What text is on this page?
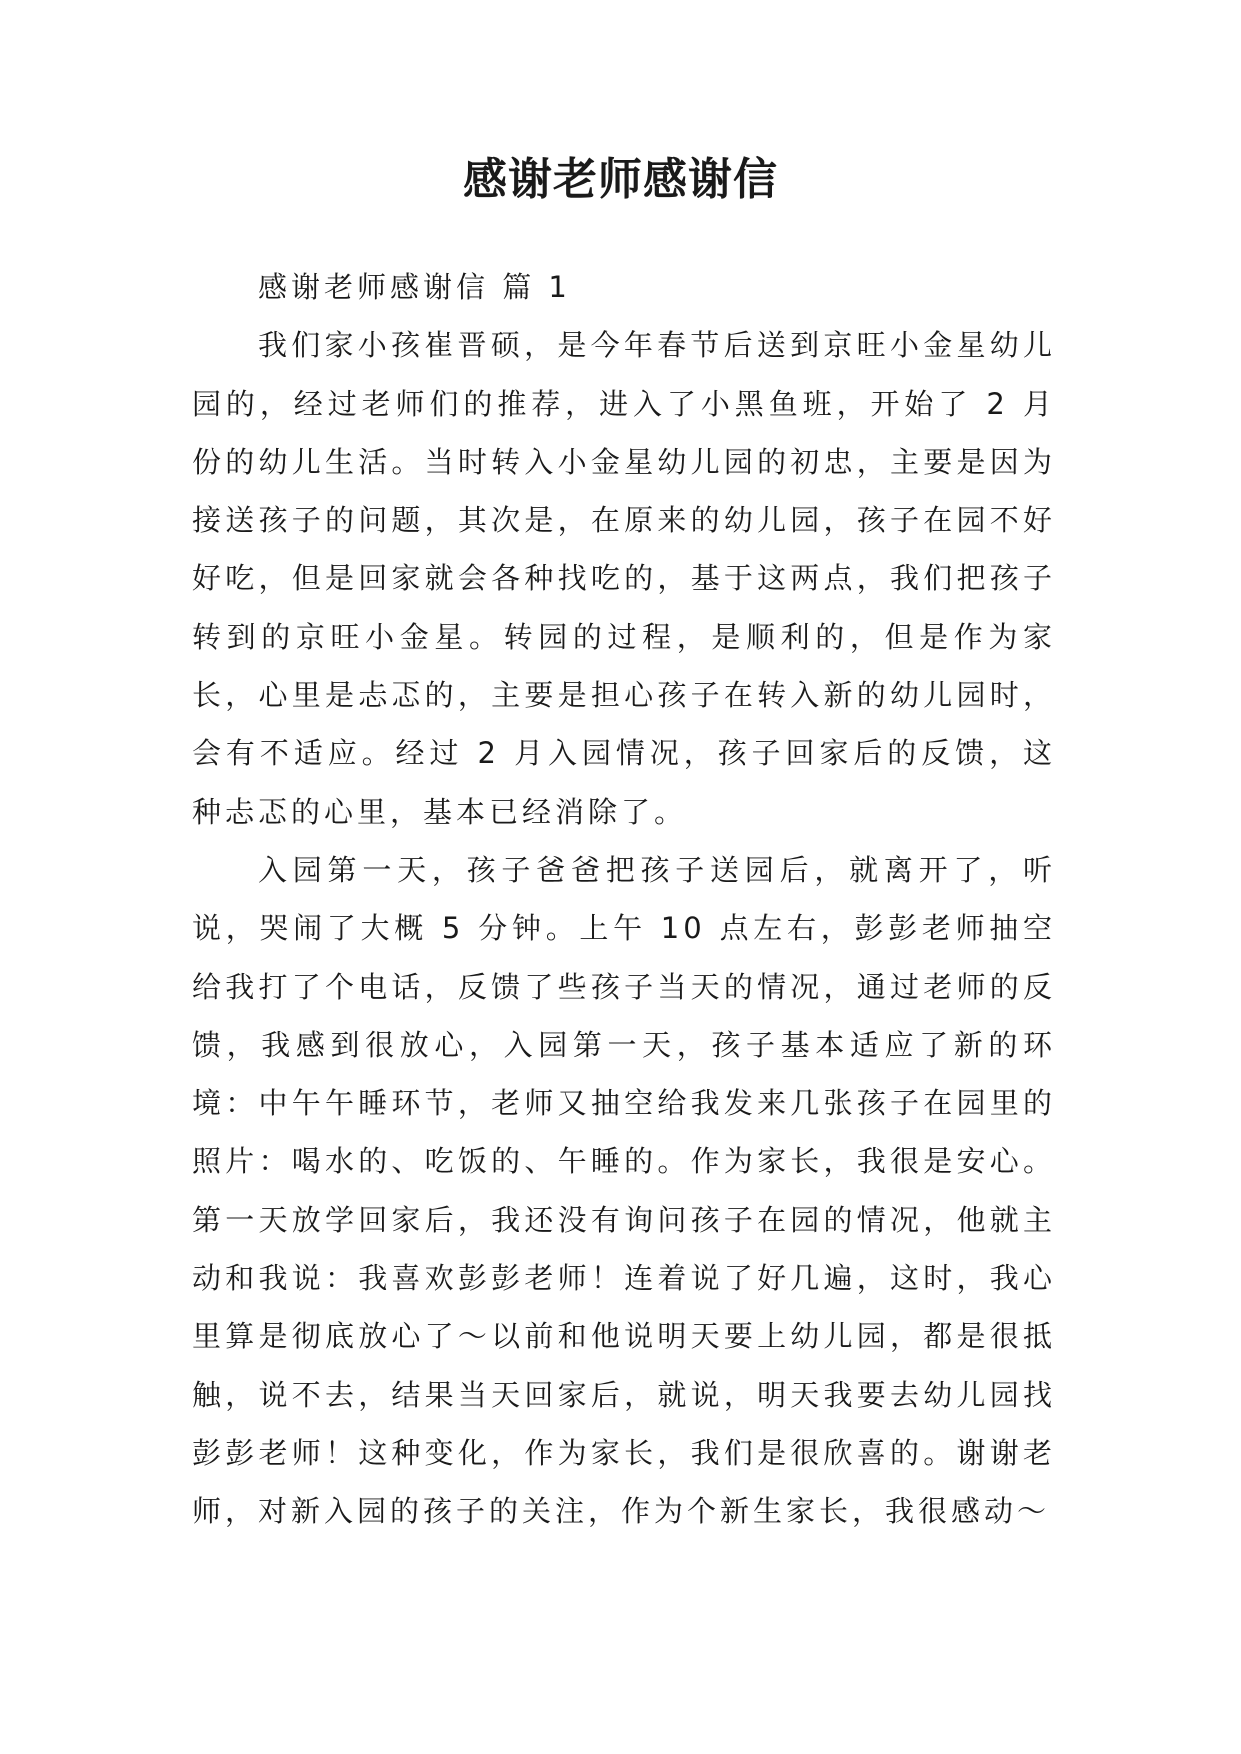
感谢老师感谢信

感谢老师感谢信 篇 1

我们家小孩崔晋硕，是今年春节后送到京旺小金星幼儿园的，经过老师们的推荐，进入了小黑鱼班，开始了 2 月份的幼儿生活。当时转入小金星幼儿园的初忠，主要是因为接送孩子的问题，其次是，在原来的幼儿园，孩子在园不好好吃，但是回家就会各种找吃的，基于这两点，我们把孩子转到的京旺小金星。转园的过程，是顺利的，但是作为家长，心里是忐忑的，主要是担心孩子在转入新的幼儿园时，会有不适应。经过 2 月入园情况，孩子回家后的反馈，这种忐忑的心里，基本已经消除了。

入园第一天，孩子爸爸把孩子送园后，就离开了，听说，哭闹了大概 5 分钟。上午 10 点左右，彭彭老师抽空给我打了个电话，反馈了些孩子当天的情况，通过老师的反馈，我感到很放心，入园第一天，孩子基本适应了新的环境：中午午睡环节，老师又抽空给我发来几张孩子在园里的照片：喝水的、吃饭的、午睡的。作为家长，我很是安心。第一天放学回家后，我还没有询问孩子在园的情况，他就主动和我说：我喜欢彭彭老师！连着说了好几遍，这时，我心里算是彻底放心了～以前和他说明天要上幼儿园，都是很抵触，说不去，结果当天回家后，就说，明天我要去幼儿园找彭彭老师！这种变化，作为家长，我们是很欣喜的。谢谢老师，对新入园的孩子的关注，作为个新生家长，我很感动～
